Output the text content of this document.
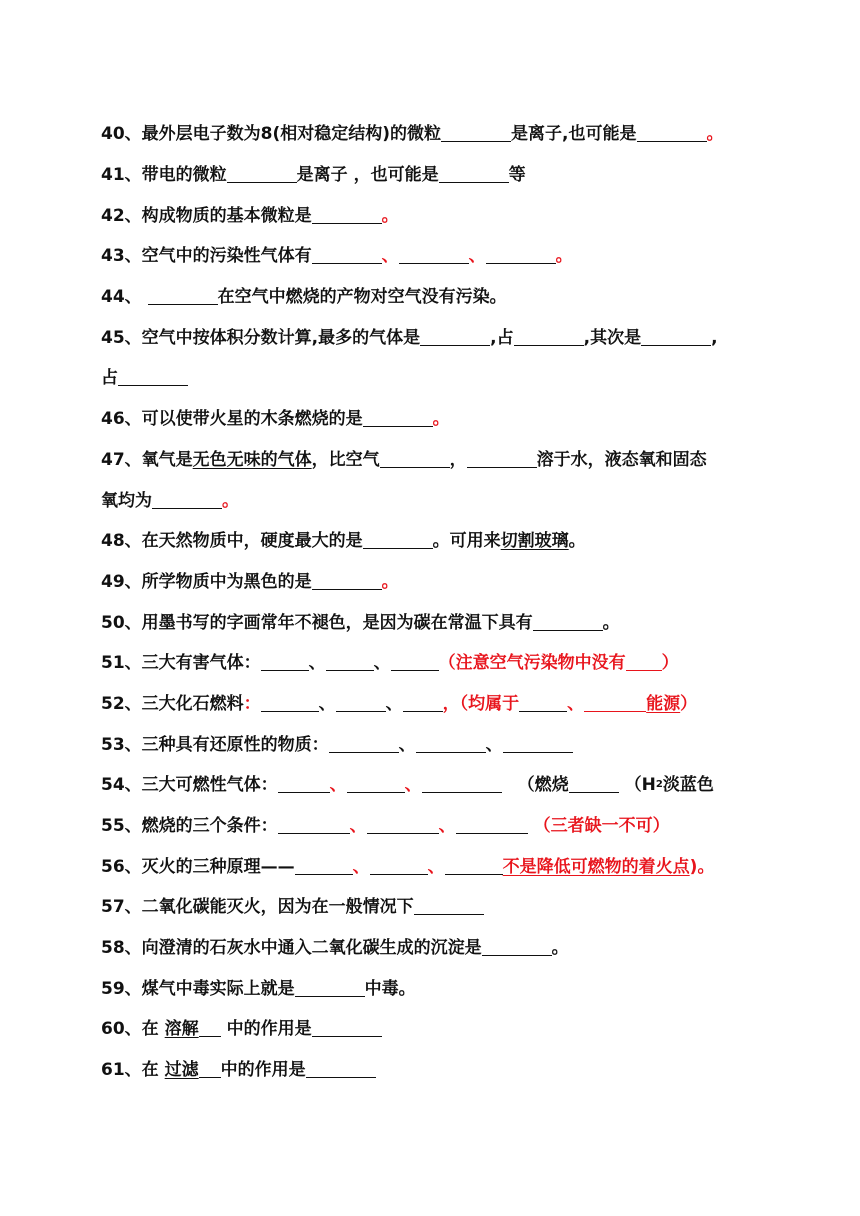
40、 最外层电子数为8(相对稳定结构)的微粒	是离子,也可能是	。
41、 带电的微粒	是离子 ，也可能是	等
42、 构成物质的基本微粒是	。
43、 空气中的污染性气体有	、	、	。
44、	在空气中燃烧的产物对空气没有污染。
45、 空气中按体积分数计算,最多的气体是	,占	,其次是	,
占
46、 可以使带火星的木条燃烧的是	。
47、 氧气是 无色无味的气体 ，比空气	，	溶于水，液态氧和固态
氧均为	。
48、 在天然物质中，硬度最大的是	。可用来 切割玻璃 。
49、 所学物质中为黑色的是	。
50、 用墨书写的字画常年不褪色，是因为碳在常温下具有	。
51、 三大有害气体：	、	、	（注意空气污染物中没有 ）
52、 三大化石燃料 ：	、	、 ，（均属于	、	能源 ）
53、 三种具有还原性的物质：	、	、
54、 三大可燃性气体：	、	、	（燃烧	（H 2 淡蓝色
55、 燃烧的三个条件：	、	、	（三者缺一不可）
56、 灭火的三种原理——	、	、	不是降低可燃物的着火点 )。
57、 二氧化碳能灭火，因为在一般情况下
58、 向澄清的石灰水中通入二氧化碳生成的沉淀是	。
59、 煤气中毒实际上就是	中毒。
60、 在 溶解 中的作用是
61、 在 过滤 中的作用是
